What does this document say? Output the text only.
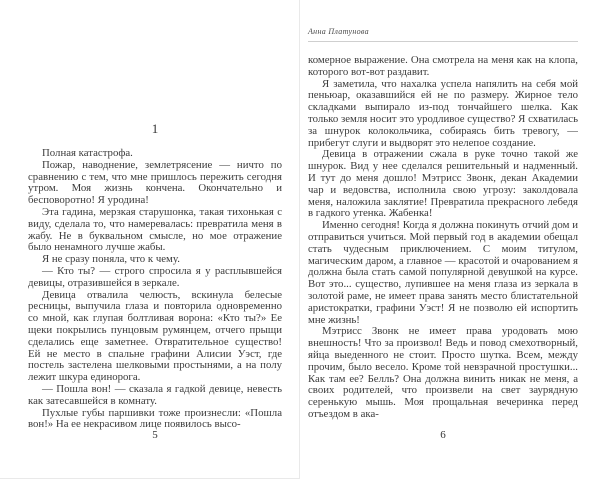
1

Полная катастрофа.

Пожар, наводнение, землетрясение — ничто по сравнению с тем, что мне пришлось пережить сегодня утром. Моя жизнь кончена. Окончательно и бесповоротно! Я уродина!

Эта гадина, мерзкая старушонка, такая тихонькая с виду, сделала то, что намеревалась: превратила меня в жабу. Не в буквальном смысле, но мое отражение было ненамного лучше жабы.

Я не сразу поняла, что к чему.

— Кто ты? — строго спросила я у расплывшейся девицы, отразившейся в зеркале.

Девица отвалила челюсть, вскинула белесые ресницы, выпучила глаза и повторила одновременно со мной, как глупая болтливая ворона: «Кто ты?» Ее щеки покрылись пунцовым румянцем, отчего прыщи сделались еще заметнее. Отвратительное существо! Ей не место в спальне графини Алисии Уэст, где постель застелена шелковыми простынями, а на полу лежит шкура единорога.

— Пошла вон! — сказала я гадкой девице, невесть как затесавшейся в комнату.

Пухлые губы паршивки тоже произнесли: «Пошла вон!» На ее некрасивом лице появилось высо-

5
Анна Платунова

комерное выражение. Она смотрела на меня как на клопа, которого вот-вот раздавит.

Я заметила, что нахалка успела напялить на себя мой пеньюар, оказавшийся ей не по размеру. Жирное тело складками выпирало из-под тончайшего шелка. Как только земля носит это уродливое существо? Я схватилась за шнурок колокольчика, собираясь бить тревогу, — прибегут слуги и выдворят это нелепое создание.

Девица в отражении сжала в руке точно такой же шнурок. Вид у нее сделался решительный и надменный. И тут до меня дошло! Мэтрисс Звонк, декан Академии чар и ведовства, исполнила свою угрозу: заколдовала меня, наложила заклятие! Превратила прекрасного лебедя в гадкого утенка. Жабенка!

Именно сегодня! Когда я должна покинуть отчий дом и отправиться учиться. Мой первый год в академии обещал стать чудесным приключением. С моим титулом, магическим даром, а главное — красотой и очарованием я должна была стать самой популярной девушкой на курсе. Вот это... существо, лупившее на меня глаза из зеркала в золотой раме, не имеет права занять место блистательной аристократки, графини Уэст! Я не позволю ей испортить мне жизнь!

Мэтрисс Звонк не имеет права уродовать мою внешность! Что за произвол! Ведь и повод смехотворный, яйца выеденного не стоит. Просто шутка. Всем, между прочим, было весело. Кроме той невзрачной простушки... Как там ее? Белль? Она должна винить никак не меня, а своих родителей, что произвели на свет заурядную серенькую мышь. Моя прощальная вечеринка перед отъездом в ака-

6
